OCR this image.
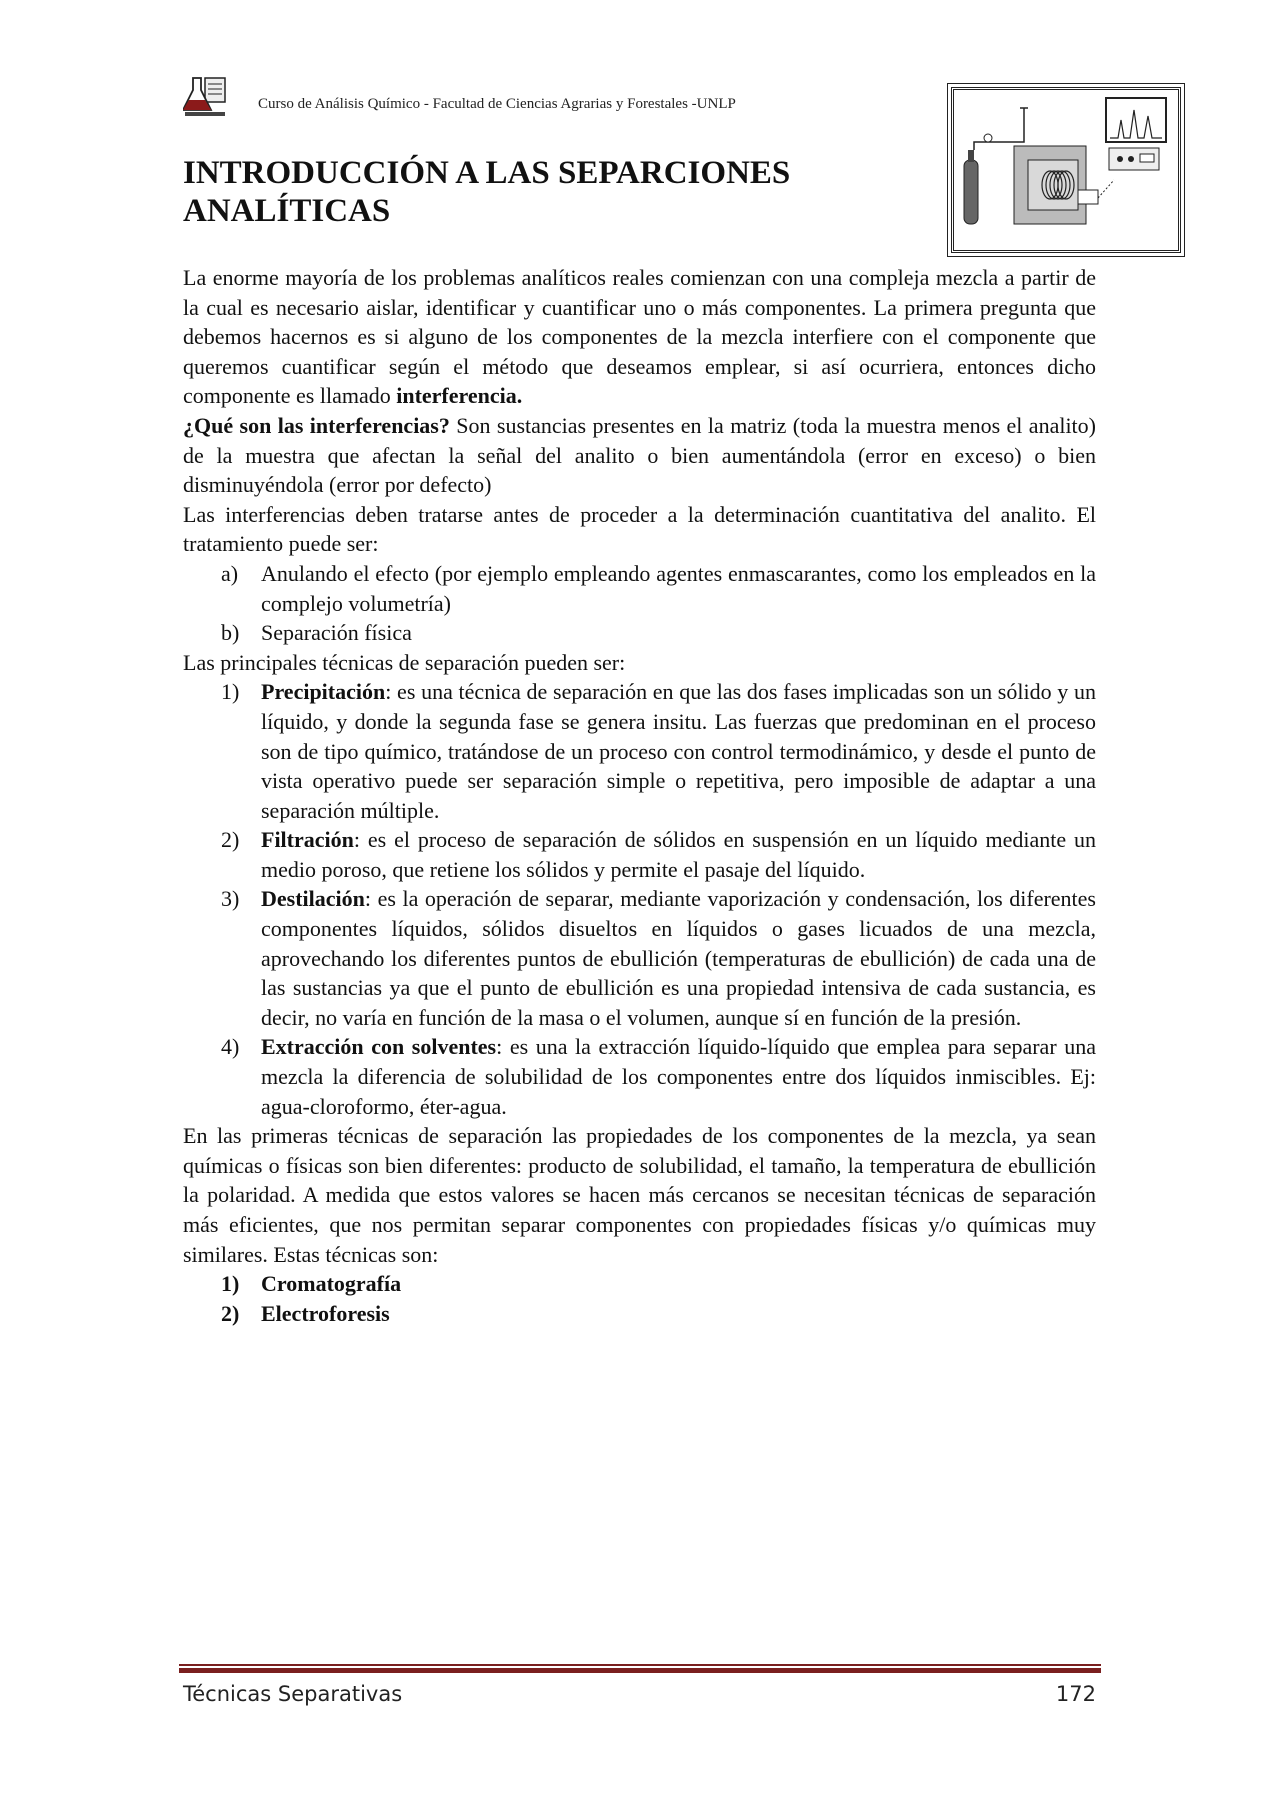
Curso de Análisis Químico - Facultad de Ciencias Agrarias y Forestales -UNLP
INTRODUCCIÓN A LAS SEPARCIONES ANALÍTICAS

La enorme mayoría de los problemas analíticos reales comienzan con una compleja mezcla a partir de la cual es necesario aislar, identificar y cuantificar uno o más componentes. La primera pregunta que debemos hacernos es si alguno de los componentes de la mezcla interfiere con el componente que queremos cuantificar según el método que deseamos emplear, si así ocurriera, entonces dicho componente es llamado interferencia.

¿Qué son las interferencias? Son sustancias presentes en la matriz (toda la muestra menos el analito) de la muestra que afectan la señal del analito o bien aumentándola (error en exceso) o bien disminuyéndola (error por defecto)

Las interferencias deben tratarse antes de proceder a la determinación cuantitativa del analito. El tratamiento puede ser:

a) Anulando el efecto (por ejemplo empleando agentes enmascarantes, como los empleados en la complejo volumetría)
b) Separación física

Las principales técnicas de separación pueden ser:

1) Precipitación: es una técnica de separación en que las dos fases implicadas son un sólido y un líquido, y donde la segunda fase se genera insitu. Las fuerzas que predominan en el proceso son de tipo químico, tratándose de un proceso con control termodinámico, y desde el punto de vista operativo puede ser separación simple o repetitiva, pero imposible de adaptar a una separación múltiple.
2) Filtración: es el proceso de separación de sólidos en suspensión en un líquido mediante un medio poroso, que retiene los sólidos y permite el pasaje del líquido.
3) Destilación: es la operación de separar, mediante vaporización y condensación, los diferentes componentes líquidos, sólidos disueltos en líquidos o gases licuados de una mezcla, aprovechando los diferentes puntos de ebullición (temperaturas de ebullición) de cada una de las sustancias ya que el punto de ebullición es una propiedad intensiva de cada sustancia, es decir, no varía en función de la masa o el volumen, aunque sí en función de la presión.
4) Extracción con solventes: es una la extracción líquido-líquido que emplea para separar una mezcla la diferencia de solubilidad de los componentes entre dos líquidos inmiscibles. Ej: agua-cloroformo, éter-agua.

En las primeras técnicas de separación las propiedades de los componentes de la mezcla, ya sean químicas o físicas son bien diferentes: producto de solubilidad, el tamaño, la temperatura de ebullición la polaridad. A medida que estos valores se hacen más cercanos se necesitan técnicas de separación más eficientes, que nos permitan separar componentes con propiedades físicas y/o químicas muy similares. Estas técnicas son:

1) Cromatografía
2) Electroforesis
Técnicas Separativas	172
